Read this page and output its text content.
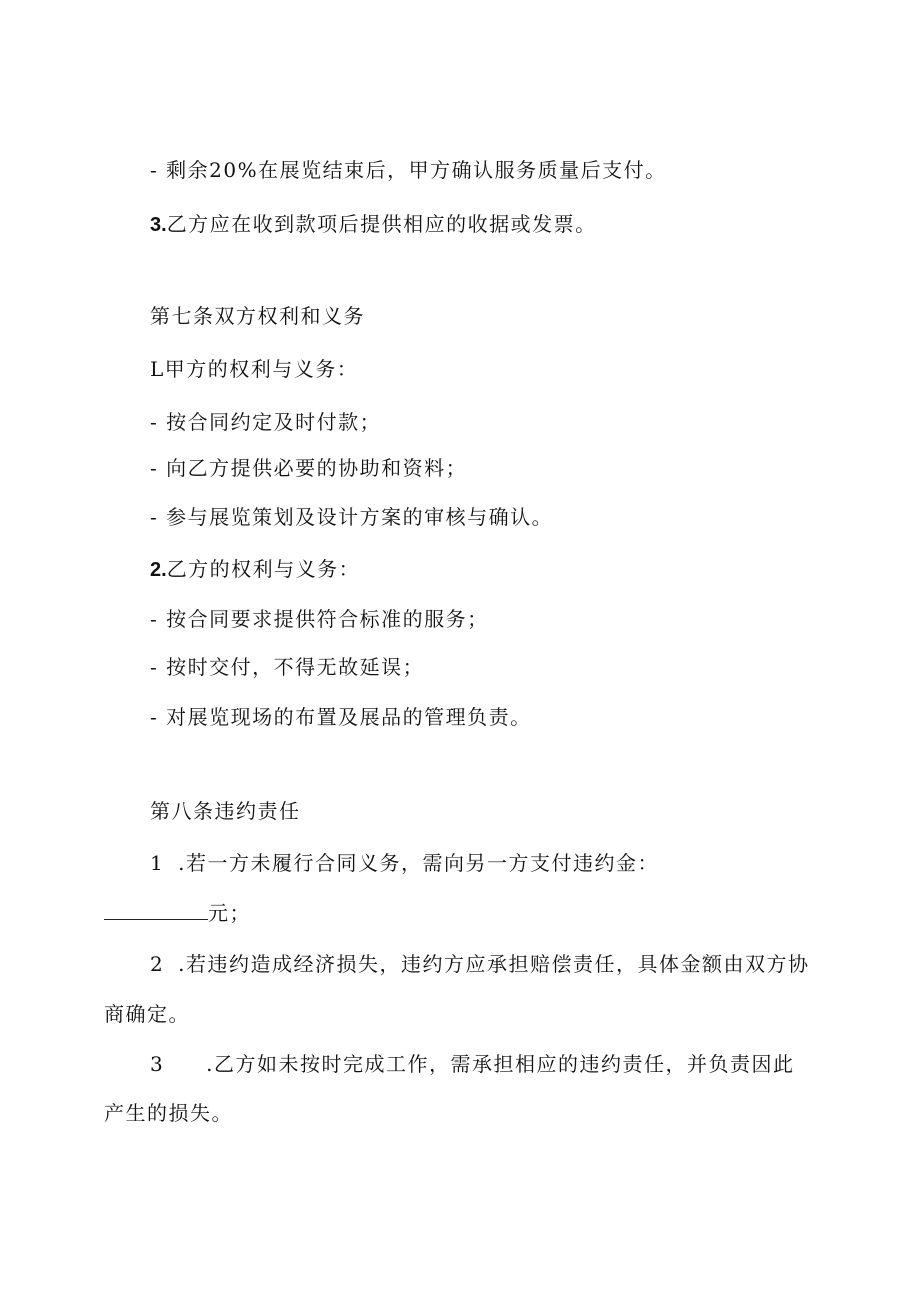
- 剩余20%在展览结束后，甲方确认服务质量后支付。
3.乙方应在收到款项后提供相应的收据或发票。
第七条双方权利和义务
L甲方的权利与义务：
- 按合同约定及时付款；
- 向乙方提供必要的协助和资料；
- 参与展览策划及设计方案的审核与确认。
2.乙方的权利与义务：
- 按合同要求提供符合标准的服务；
- 按时交付，不得无故延误；
- 对展览现场的布置及展品的管理负责。
第八条违约责任
1 .若一方未履行合同义务，需向另一方支付违约金：
元；
2 .若违约造成经济损失，违约方应承担赔偿责任，具体金额由双方协
商确定。
3 .乙方如未按时完成工作，需承担相应的违约责任，并负责因此
产生的损失。
